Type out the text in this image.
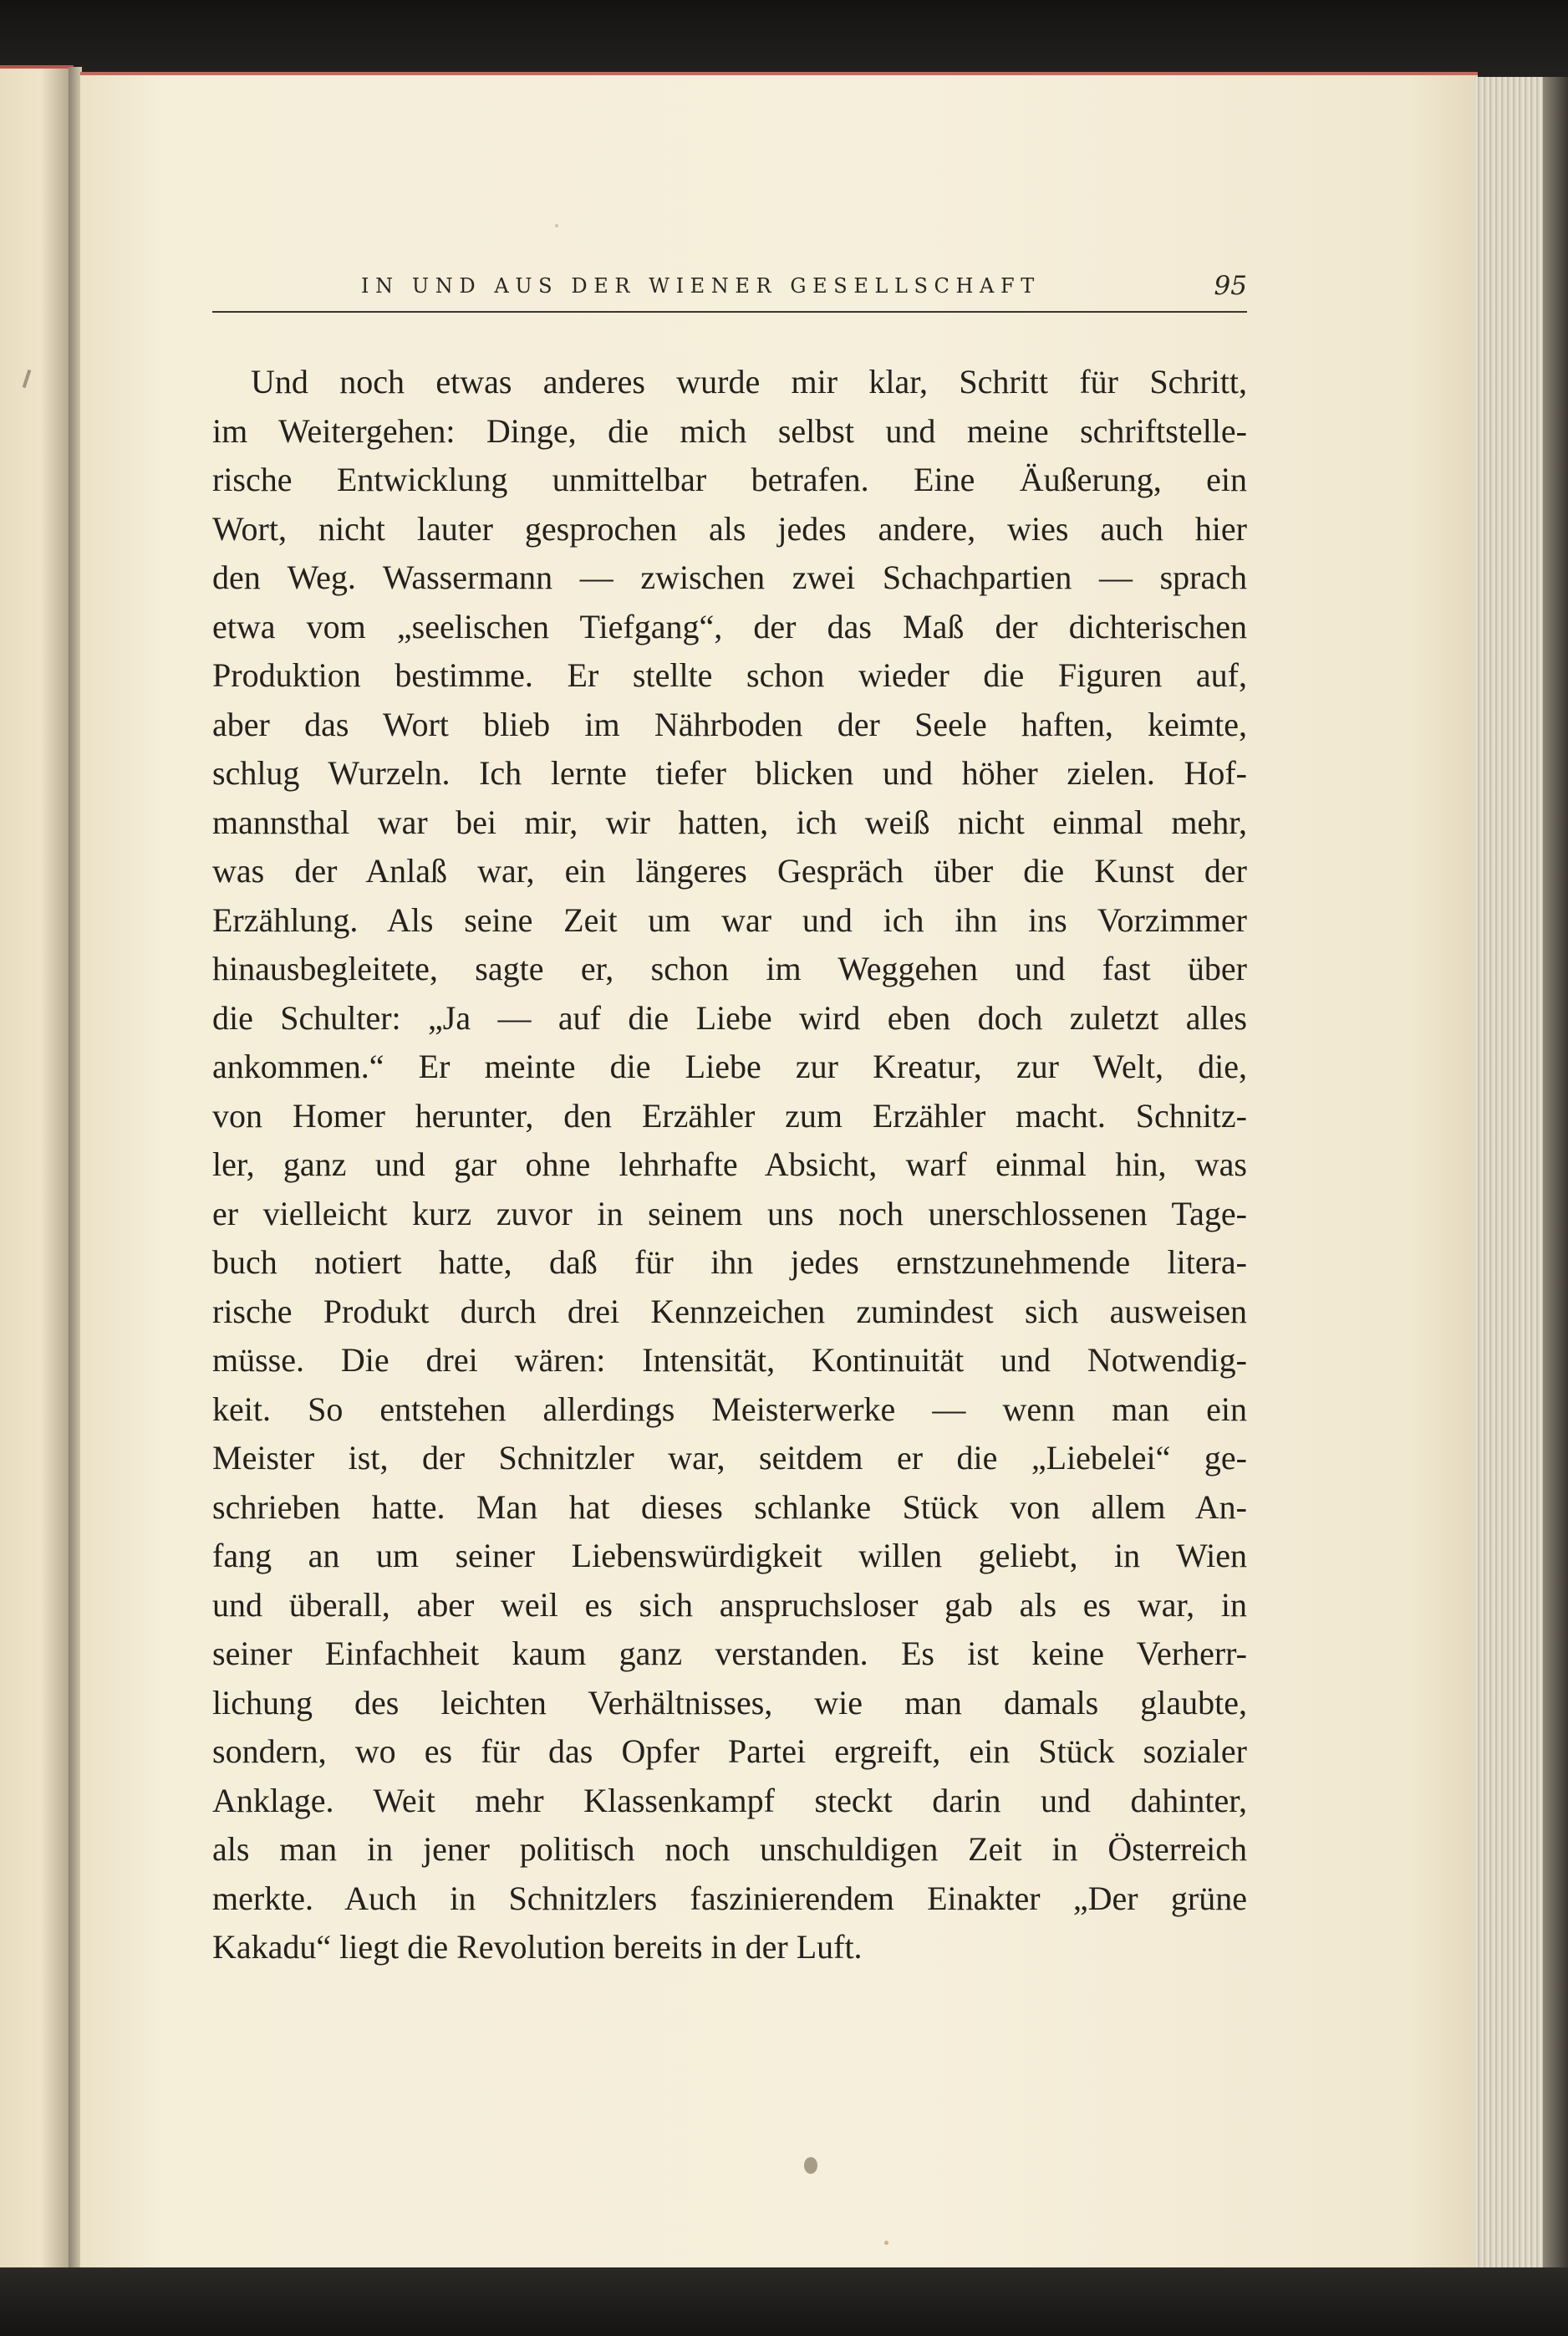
IN UND AUS DER WIENER GESELLSCHAFT	95
Und noch etwas anderes wurde mir klar, Schritt für Schritt,
im Weitergehen: Dinge, die mich selbst und meine schriftstelle-
rische Entwicklung unmittelbar betrafen. Eine Äußerung, ein
Wort, nicht lauter gesprochen als jedes andere, wies auch hier
den Weg. Wassermann — zwischen zwei Schachpartien — sprach
etwa vom „seelischen Tiefgang“, der das Maß der dichterischen
Produktion bestimme. Er stellte schon wieder die Figuren auf,
aber das Wort blieb im Nährboden der Seele haften, keimte,
schlug Wurzeln. Ich lernte tiefer blicken und höher zielen. Hof-
mannsthal war bei mir, wir hatten, ich weiß nicht einmal mehr,
was der Anlaß war, ein längeres Gespräch über die Kunst der
Erzählung. Als seine Zeit um war und ich ihn ins Vorzimmer
hinausbegleitete, sagte er, schon im Weggehen und fast über
die Schulter: „Ja — auf die Liebe wird eben doch zuletzt alles
ankommen.“ Er meinte die Liebe zur Kreatur, zur Welt, die,
von Homer herunter, den Erzähler zum Erzähler macht. Schnitz-
ler, ganz und gar ohne lehrhafte Absicht, warf einmal hin, was
er vielleicht kurz zuvor in seinem uns noch unerschlossenen Tage-
buch notiert hatte, daß für ihn jedes ernstzunehmende litera-
rische Produkt durch drei Kennzeichen zumindest sich ausweisen
müsse. Die drei wären: Intensität, Kontinuität und Notwendig-
keit. So entstehen allerdings Meisterwerke — wenn man ein
Meister ist, der Schnitzler war, seitdem er die „Liebelei“ ge-
schrieben hatte. Man hat dieses schlanke Stück von allem An-
fang an um seiner Liebenswürdigkeit willen geliebt, in Wien
und überall, aber weil es sich anspruchsloser gab als es war, in
seiner Einfachheit kaum ganz verstanden. Es ist keine Verherr-
lichung des leichten Verhältnisses, wie man damals glaubte,
sondern, wo es für das Opfer Partei ergreift, ein Stück sozialer
Anklage. Weit mehr Klassenkampf steckt darin und dahinter,
als man in jener politisch noch unschuldigen Zeit in Österreich
merkte. Auch in Schnitzlers faszinierendem Einakter „Der grüne
Kakadu“ liegt die Revolution bereits in der Luft.
